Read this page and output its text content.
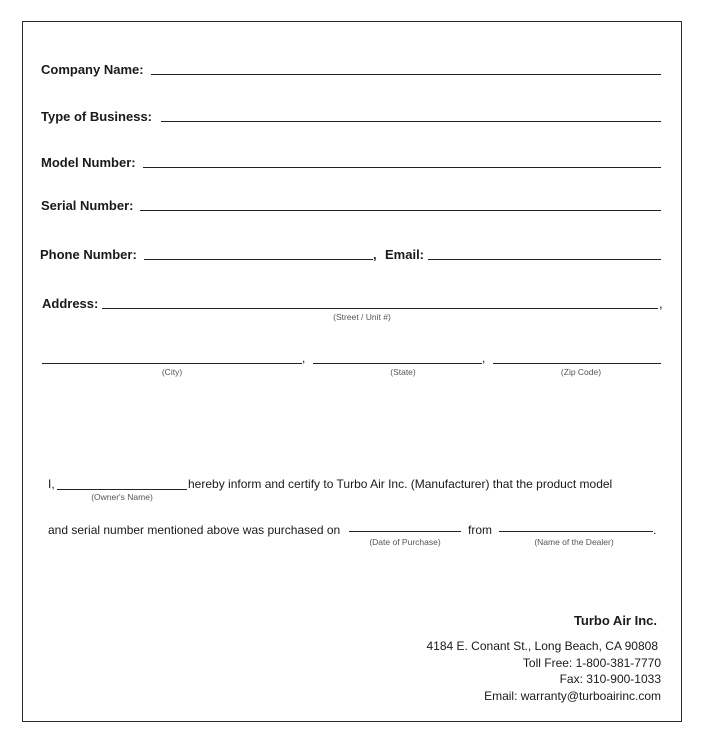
Company Name:
Type of Business:
Model Number:
Serial Number:
Phone Number:	, Email:
Address:	,
(Street / Unit #)
,	,
(City)	(State)	(Zip Code)
I,	hereby inform and certify to Turbo Air Inc. (Manufacturer) that the product model
(Owner's Name)
and serial number mentioned above was purchased on	from	.
(Date of Purchase)	(Name of the Dealer)
Turbo Air Inc.
4184 E. Conant St., Long Beach, CA 90808
Toll Free: 1-800-381-7770
Fax: 310-900-1033
Email: warranty@turboairinc.com
